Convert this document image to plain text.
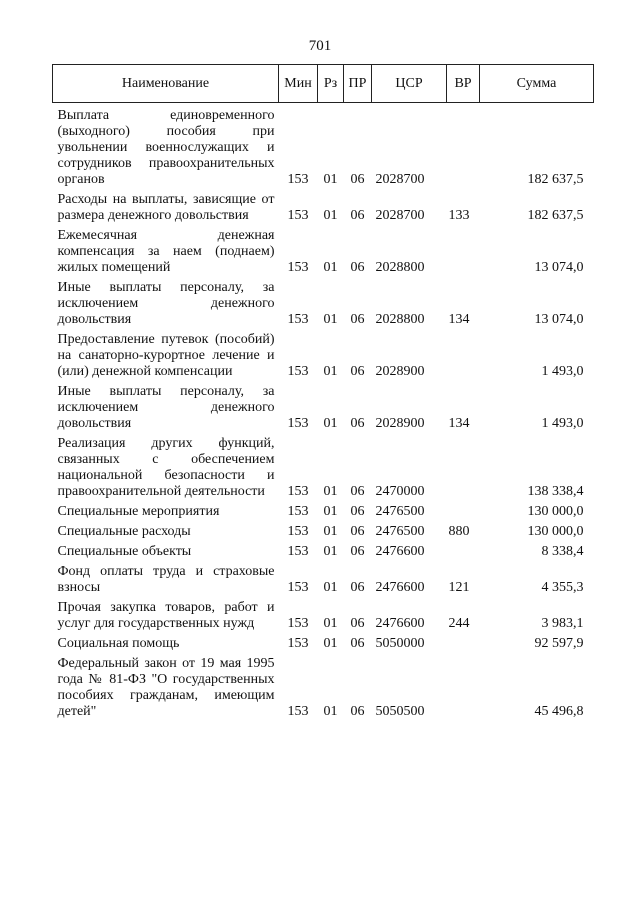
701
Наименование	Мин	Рз	ПР	ЦСР	ВР	Сумма
Выплата единовременного (выходного) пособия при увольнении военнослужащих и сотрудников правоохранительных органов	153	01	06	2028700		182 637,5
Расходы на выплаты, зависящие от размера денежного довольствия	153	01	06	2028700	133	182 637,5
Ежемесячная денежная компенсация за наем (поднаем) жилых помещений	153	01	06	2028800		13 074,0
Иные выплаты персоналу, за исключением денежного довольствия	153	01	06	2028800	134	13 074,0
Предоставление путевок (пособий) на санаторно-курортное лечение и (или) денежной компенсации	153	01	06	2028900		1 493,0
Иные выплаты персоналу, за исключением денежного довольствия	153	01	06	2028900	134	1 493,0
Реализация других функций, связанных с обеспечением национальной безопасности и правоохранительной деятельности	153	01	06	2470000		138 338,4
Специальные мероприятия	153	01	06	2476500		130 000,0
Специальные расходы	153	01	06	2476500	880	130 000,0
Специальные объекты	153	01	06	2476600		8 338,4
Фонд оплаты труда и страховые взносы	153	01	06	2476600	121	4 355,3
Прочая закупка товаров, работ и услуг для государственных нужд	153	01	06	2476600	244	3 983,1
Социальная помощь	153	01	06	5050000		92 597,9
Федеральный закон от 19 мая 1995 года № 81-ФЗ "О государственных пособиях гражданам, имеющим детей"	153	01	06	5050500		45 496,8
